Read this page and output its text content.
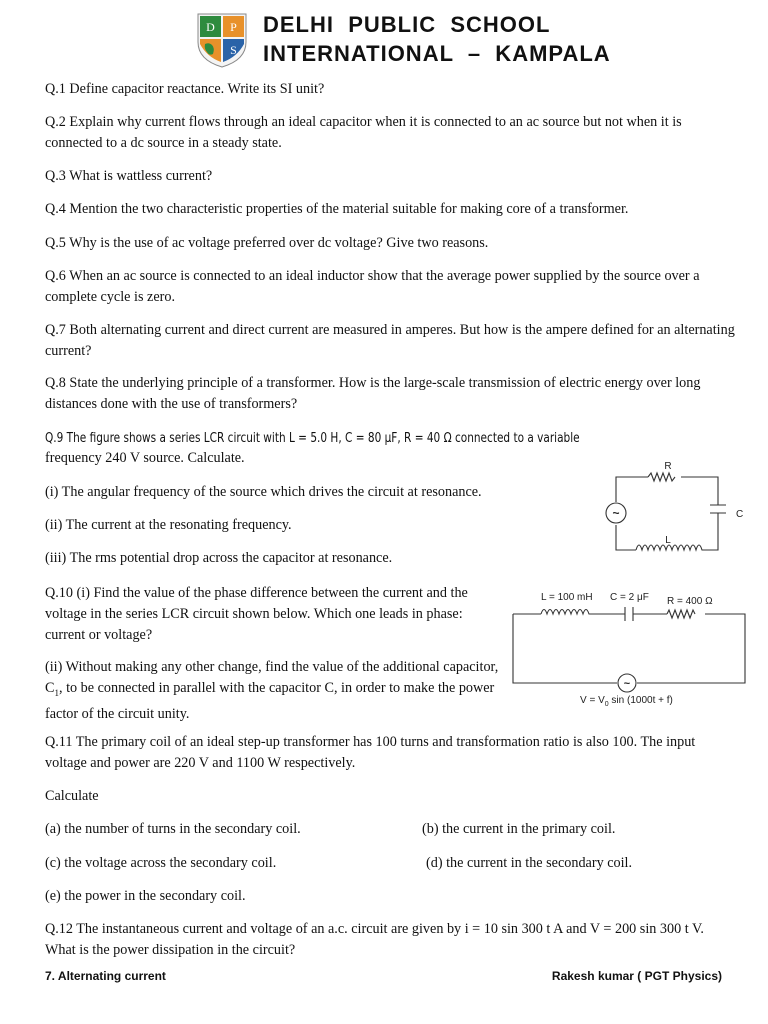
D P
S
DELHI  PUBLIC  SCHOOL
INTERNATIONAL  –  KAMPALA

Q.1 Define capacitor reactance. Write its SI unit?

Q.2 Explain why current flows through an ideal capacitor when it is connected to an ac source but not when it is connected to a dc source in a steady state.

Q.3 What is wattless current?

Q.4 Mention the two characteristic properties of the material suitable for making core of a transformer.

Q.5 Why is the use of ac voltage preferred over dc voltage? Give two reasons.

Q.6 When an ac source is connected to an ideal inductor show that the average power supplied by the source over a complete cycle is zero.

Q.7 Both alternating current and direct current are measured in amperes. But how is the ampere defined for an alternating current?

Q.8 State the underlying principle of a transformer. How is the large-scale transmission of electric energy over long distances done with the use of transformers?

Q.9 The figure shows a series LCR circuit with L = 5.0 H, C = 80 μF, R = 40 Ω connected to a variable

frequency 240 V source. Calculate.

(i) The angular frequency of the source which drives the circuit at resonance.

(ii) The current at the resonating frequency.

(iii) The rms potential drop across the capacitor at resonance.

R
C
L
~

Q.10 (i) Find the value of the phase difference between the current and the voltage in the series LCR circuit shown below. Which one leads in phase: current or voltage?

(ii) Without making any other change, find the value of the additional capacitor, $C_1$, to be connected in parallel with the capacitor C, in order to make the power factor of the circuit unity.

L = 100 mH C = 2 μF R = 400 Ω
~
$V = V_0$ sin (1000t + f)

Q.11 The primary coil of an ideal step-up transformer has 100 turns and transformation ratio is also 100. The input voltage and power are 220 V and 1100 W respectively.

Calculate

(a) the number of turns in the secondary coil.	(b) the current in the primary coil.

(c) the voltage across the secondary coil.	(d) the current in the secondary coil.

(e) the power in the secondary coil.

Q.12 The instantaneous current and voltage of an a.c. circuit are given by i = 10 sin 300 t A and V = 200 sin 300 t V. What is the power dissipation in the circuit?

7. Alternating current	Rakesh kumar ( PGT Physics)
